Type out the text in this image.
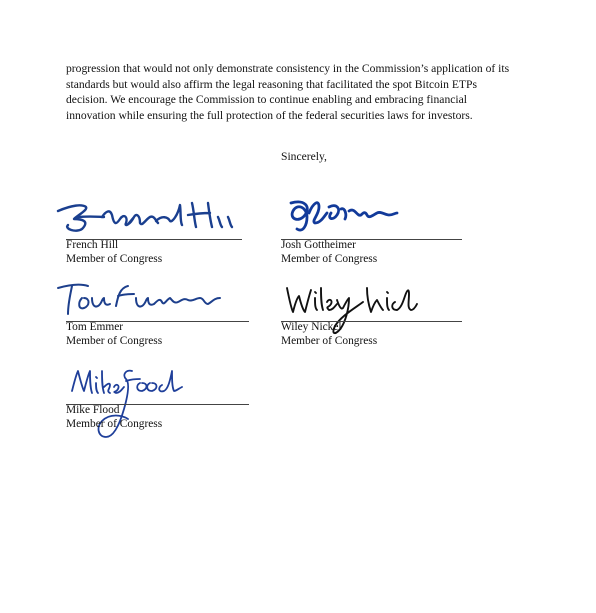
progression that would not only demonstrate consistency in the Commission’s application of its
standards but would also affirm the legal reasoning that facilitated the spot Bitcoin ETPs
decision. We encourage the Commission to continue enabling and embracing financial
innovation while ensuring the full protection of the federal securities laws for investors.
Sincerely,
French Hill
Member of Congress
Josh Gottheimer
Member of Congress
Tom Emmer
Member of Congress
Wiley Nickel
Member of Congress
Mike Flood
Member of Congress
